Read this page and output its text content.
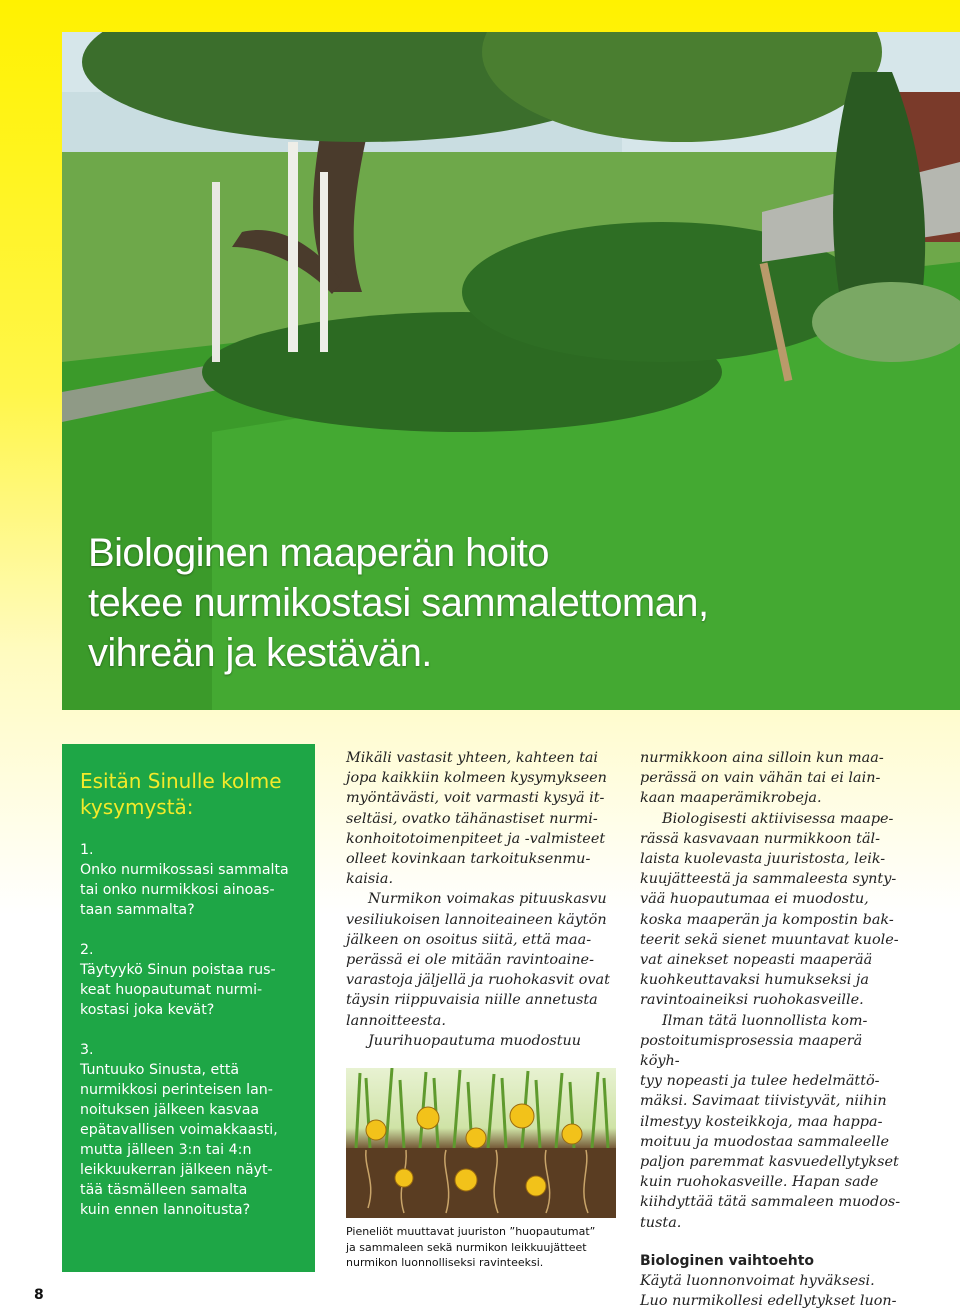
Biologinen maaperän hoito
tekee nurmikostasi sammalettoman,
vihreän ja kestävän.
Esitän Sinulle kolme
kysymystä:
1.
Onko nurmikossasi sammalta
tai onko nurmikkosi ainoas-
taan sammalta?
2.
Täytyykö Sinun poistaa rus-
keat huopautumat nurmi-
kostasi joka kevät?
3.
Tuntuuko Sinusta, että
nurmikkosi perinteisen lan-
noituksen jälkeen kasvaa
epätavallisen voimakkaasti,
mutta jälleen 3:n tai 4:n
leikkuukerran jälkeen näyt-
tää täsmälleen samalta
kuin ennen lannoitusta?

Mikäli vastasit yhteen, kahteen tai
jopa kaikkiin kolmeen kysymykseen
myöntävästi, voit varmasti kysyä it-
seltäsi, ovatko tähänastiset nurmi-
konhoitotoimenpiteet ja -valmisteet
olleet kovinkaan tarkoituksenmu-
kaisia.

Nurmikon voimakas pituuskasvu
vesiliukoisen lannoiteaineen käytön
jälkeen on osoitus siitä, että maa-
perässä ei ole mitään ravintoaine-
varastoja jäljellä ja ruohokasvit ovat
täysin riippuvaisia niille annetusta
lannoitteesta.

Juurihuopautuma muodostuu

Pieneliöt muuttavat juuriston ”huopautumat”
ja sammaleen sekä nurmikon leikkuujätteet
nurmikon luonnolliseksi ravinteeksi.

nurmikkoon aina silloin kun maa-
perässä on vain vähän tai ei lain-
kaan maaperämikrobeja.

Biologisesti aktiivisessa maape-
rässä kasvavaan nurmikkoon täl-
laista kuolevasta juuristosta, leik-
kuujätteestä ja sammaleesta synty-
vää huopautumaa ei muodostu,
koska maaperän ja kompostin bak-
teerit sekä sienet muuntavat kuole-
vat ainekset nopeasti maaperää
kuohkeuttavaksi humukseksi ja
ravintoaineiksi ruohokasveille.

Ilman tätä luonnollista kom-
postoitumisprosessia maaperä köyh-
tyy nopeasti ja tulee hedelmättö-
mäksi. Savimaat tiivistyvät, niihin
ilmestyy kosteikkoja, maa happa-
moituu ja muodostaa sammaleelle
paljon paremmat kasvuedellytykset
kuin ruohokasveille. Hapan sade
kiihdyttää tätä sammaleen muodos-
tusta.

Biologinen vaihtoehto

Käytä luonnonvoimat hyväksesi.
Luo nurmikollesi edellytykset luon-

8
